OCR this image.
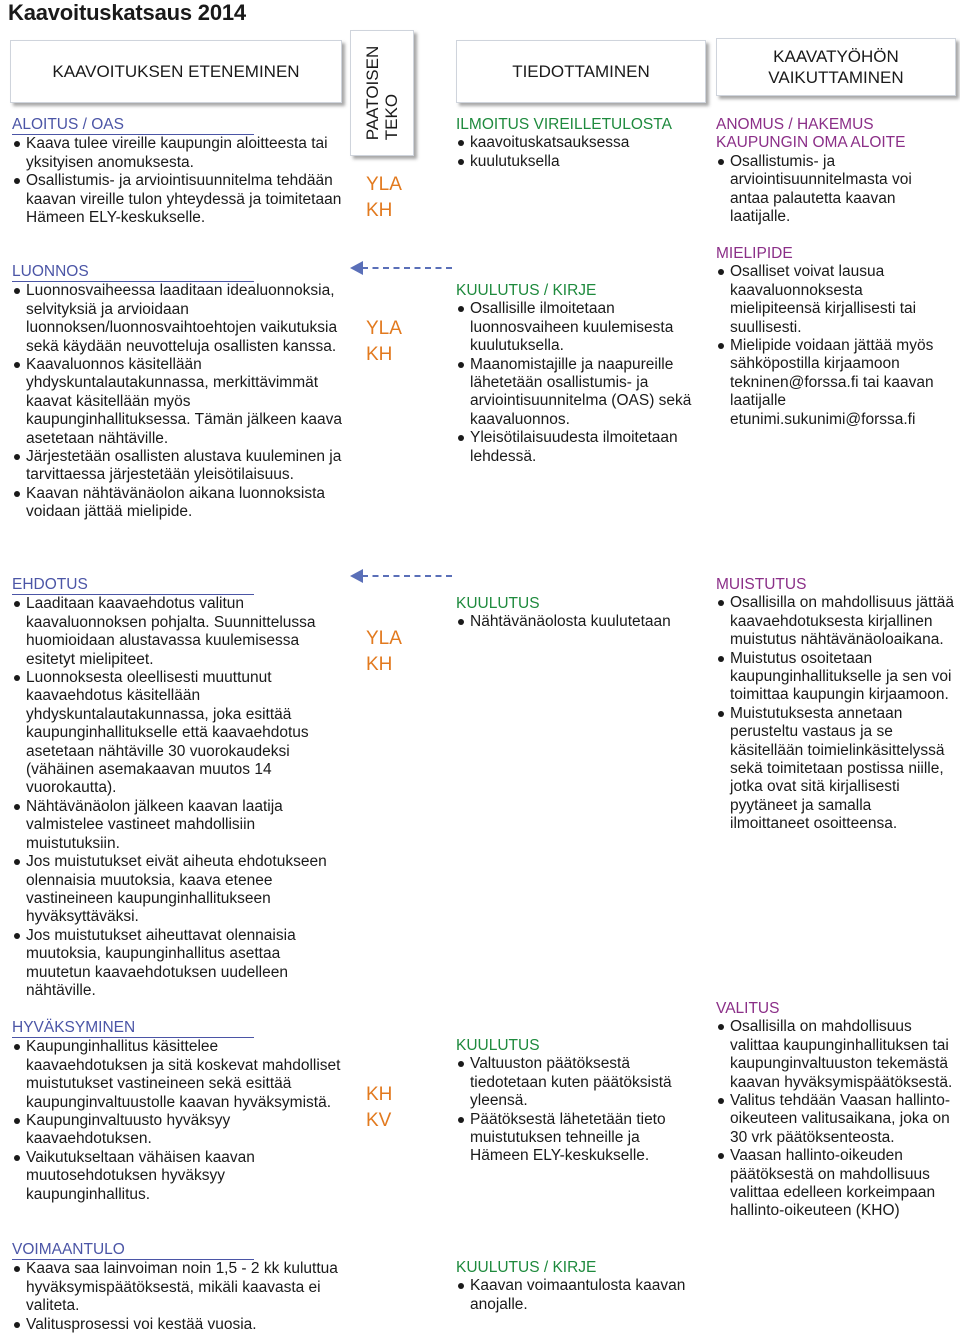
Kaavoituskatsaus 2014
KAAVOITUKSEN ETENEMINEN	PAATOISEN TEKO
TIEDOTTAMINEN
KAAVATYÖHÖN
VAIKUTTAMINEN
ALOITUS / OAS
Kaava tulee vireille kaupungin aloitteesta tai yksityisen anomuksesta.
Osallistumis- ja arviointisuunnitelma tehdään kaavan vireille tulon yhteydessä ja toimitetaan Hämeen ELY-keskukselle.
LUONNOS
Luonnosvaiheessa laaditaan idealuonnoksia, selvityksiä ja arvioidaan luonnoksen/luonnosvaihtoehtojen vaikutuksia sekä käydään neuvotteluja osallisten kanssa.
Kaavaluonnos käsitellään yhdyskuntalautakunnassa, merkittävimmät kaavat käsitellään myös kaupunginhallituksessa. Tämän jälkeen kaava asetetaan nähtäville.
Järjestetään osallisten alustava kuuleminen ja tarvittaessa järjestetään yleisötilaisuus.
Kaavan nähtävänäolon aikana luonnoksista voidaan jättää mielipide.
EHDOTUS
Laaditaan kaavaehdotus valitun kaavaluonnoksen pohjalta. Suunnittelussa huomioidaan alustavassa kuulemisessa esitetyt mielipiteet.
Luonnoksesta oleellisesti muuttunut kaavaehdotus käsitellään yhdyskuntalautakunnassa, joka esittää kaupunginhallitukselle että kaavaehdotus asetetaan nähtäville 30 vuorokaudeksi (vähäinen asemakaavan muutos 14 vuorokautta).
Nähtävänäolon jälkeen kaavan laatija valmistelee vastineet mahdollisiin muistutuksiin.
Jos muistutukset eivät aiheuta ehdotukseen olennaisia muutoksia, kaava etenee vastineineen kaupunginhallitukseen hyväksyttäväksi.
Jos muistutukset aiheuttavat olennaisia muutoksia, kaupunginhallitus asettaa muutetun kaavaehdotuksen uudelleen nähtäville.
HYVÄKSYMINEN
Kaupunginhallitus käsittelee kaavaehdotuksen ja sitä koskevat mahdolliset muistutukset vastineineen sekä esittää kaupunginvaltuustolle kaavan hyväksymistä.
Kaupunginvaltuusto hyväksyy kaavaehdotuksen.
Vaikutukseltaan vähäisen kaavan muutosehdotuksen hyväksyy kaupunginhallitus.
VOIMAANTULO
Kaava saa lainvoiman noin 1,5 - 2 kk kuluttua hyväksymispäätöksestä, mikäli kaavasta ei valiteta.
Valitusprosessi voi kestää vuosia.
YLA
KH
YLA
KH
YLA
KH
KH
KV
ILMOITUS VIREILLETULOSTA
kaavoituskatsauksessa
kuulutuksella
KUULUTUS / KIRJE
Osallisille ilmoitetaan luonnosvaiheen kuulemisesta kuulutuksella.
Maanomistajille ja naapureille lähetetään osallistumis- ja arviointisuunnitelma (OAS) sekä kaavaluonnos.
Yleisötilaisuudesta ilmoitetaan lehdessä.
KUULUTUS
Nähtävänäolosta kuulutetaan
KUULUTUS
Valtuuston päätöksestä tiedotetaan kuten päätöksistä yleensä.
Päätöksestä lähetetään tieto muistutuksen tehneille ja Hämeen ELY-keskukselle.
KUULUTUS / KIRJE
Kaavan voimaantulosta kaavan anojalle.
ANOMUS / HAKEMUS
KAUPUNGIN OMA ALOITE
Osallistumis- ja arviointisuunnitelmasta voi antaa palautetta kaavan laatijalle.
MIELIPIDE
Osalliset voivat lausua kaavaluonnoksesta mielipiteensä kirjallisesti tai suullisesti.
Mielipide voidaan jättää myös sähköpostilla kirjaamoon tekninen@forssa.fi tai kaavan laatijalle etunimi.sukunimi@forssa.fi
MUISTUTUS
Osallisilla on mahdollisuus jättää kaavaehdotuksesta kirjallinen muistutus nähtävänäoloaikana.
Muistutus osoitetaan kaupunginhallitukselle ja sen voi toimittaa kaupungin kirjaamoon.
Muistutuksesta annetaan perusteltu vastaus ja se käsitellään toimielinkäsittelyssä sekä toimitetaan postissa niille, jotka ovat sitä kirjallisesti pyytäneet ja samalla ilmoittaneet osoitteensa.
VALITUS
Osallisilla on mahdollisuus valittaa kaupunginhallituksen tai kaupunginvaltuuston tekemästä kaavan hyväksymispäätöksestä.
Valitus tehdään Vaasan hallinto-oikeuteen valitusaikana, joka on 30 vrk päätöksenteosta.
Vaasan hallinto-oikeuden päätöksestä on mahdollisuus valittaa edelleen korkeimpaan hallinto-oikeuteen (KHO)
